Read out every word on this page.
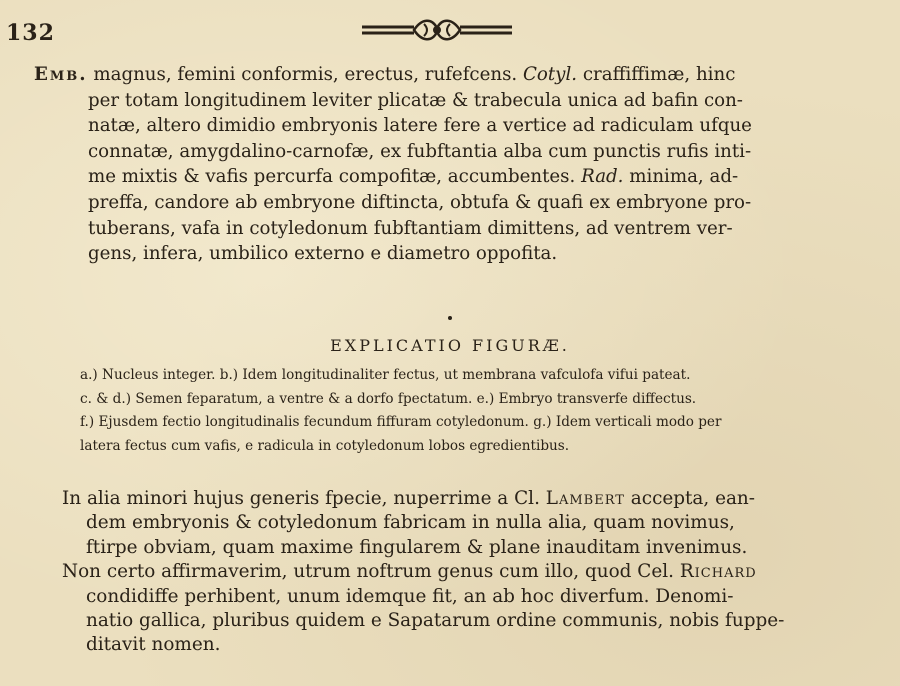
132
Emb. magnus, femini conformis, erectus, rufefcens. Cotyl. craffiffimæ, hinc
per totam longitudinem leviter plicatæ & trabecula unica ad bafin con-
natæ, altero dimidio embryonis latere fere a vertice ad radiculam ufque
connatæ, amygdalino-carnofæ, ex fubftantia alba cum punctis rufis inti-
me mixtis & vafis percurfa compofitæ, accumbentes. Rad. minima, ad-
preffa, candore ab embryone diftincta, obtufa & quafi ex embryone pro-
tuberans, vafa in cotyledonum fubftantiam dimittens, ad ventrem ver-
gens, infera, umbilico externo e diametro oppofita.
EXPLICATIO FIGURÆ.
a.) Nucleus integer. b.) Idem longitudinaliter fectus, ut membrana vafculofa vifui pateat.
c. & d.) Semen feparatum, a ventre & a dorfo fpectatum. e.) Embryo transverfe diffectus.
f.) Ejusdem fectio longitudinalis fecundum fiffuram cotyledonum. g.) Idem verticali modo per
latera fectus cum vafis, e radicula in cotyledonum lobos egredientibus.
In alia minori hujus generis fpecie, nuperrime a Cl. Lambert accepta, ean-
dem embryonis & cotyledonum fabricam in nulla alia, quam novimus,
ftirpe obviam, quam maxime fingularem & plane inauditam invenimus.
Non certo affirmaverim, utrum noftrum genus cum illo, quod Cel. Richard
condidiffe perhibent, unum idemque fit, an ab hoc diverfum. Denomi-
natio gallica, pluribus quidem e Sapatarum ordine communis, nobis fuppe-
ditavit nomen.
